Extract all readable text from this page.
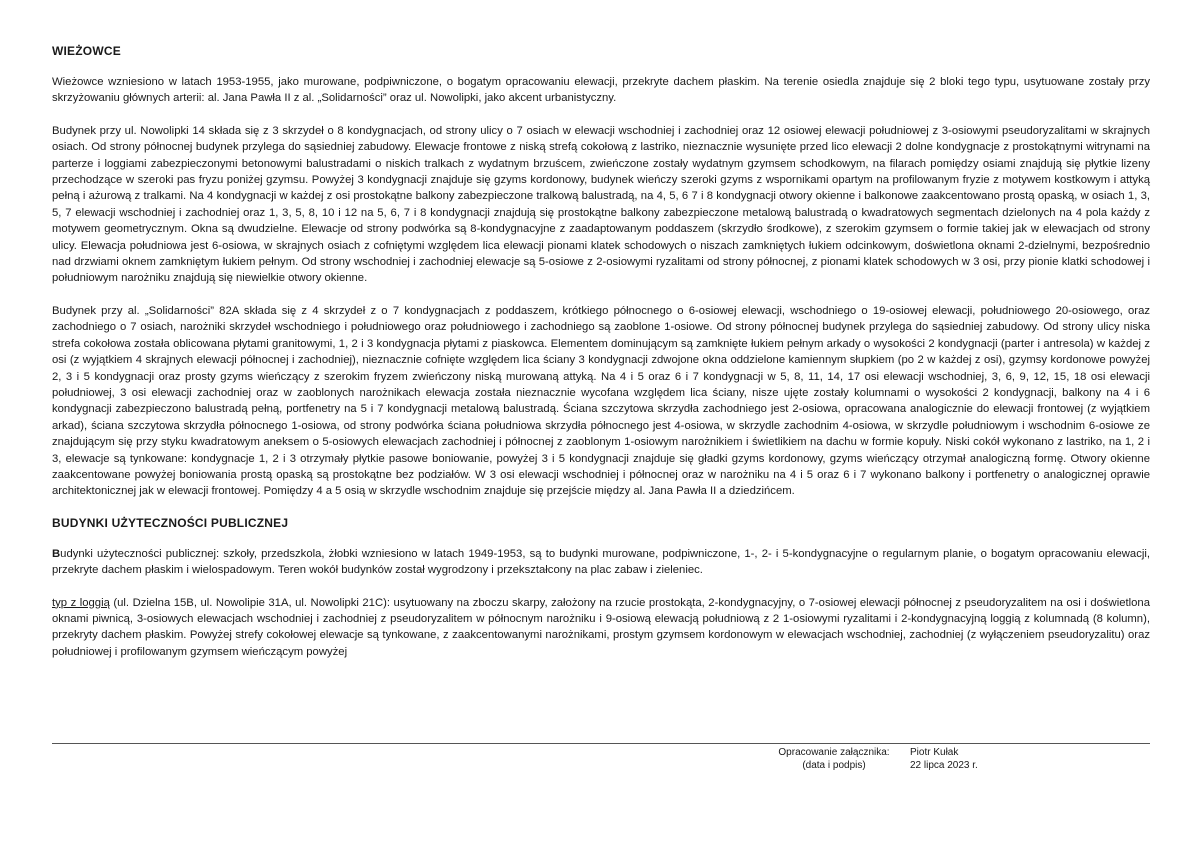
WIEŻOWCE

Wieżowce wzniesiono w latach 1953-1955, jako murowane, podpiwniczone, o bogatym opracowaniu elewacji, przekryte dachem płaskim. Na terenie osiedla znajduje się 2 bloki tego typu, usytuowane zostały przy skrzyżowaniu głównych arterii: al. Jana Pawła II z al. „Solidarności” oraz ul. Nowolipki, jako akcent urbanistyczny.

Budynek przy ul. Nowolipki 14 składa się z 3 skrzydeł o 8 kondygnacjach, od strony ulicy o 7 osiach w elewacji wschodniej i zachodniej oraz 12 osiowej elewacji południowej z 3-osiowymi pseudoryzalitami w skrajnych osiach. Od strony północnej budynek przylega do sąsiedniej zabudowy. Elewacje frontowe z niską strefą cokołową z lastriko, nieznacznie wysunięte przed lico elewacji 2 dolne kondygnacje z prostokątnymi witrynami na parterze i loggiami zabezpieczonymi betonowymi balustradami o niskich tralkach z wydatnym brzuścem, zwieńczone zostały wydatnym gzymsem schodkowym, na filarach pomiędzy osiami znajdują się płytkie lizeny przechodzące w szeroki pas fryzu poniżej gzymsu. Powyżej 3 kondygnacji znajduje się gzyms kordonowy, budynek wieńczy szeroki gzyms z wspornikami opartym na profilowanym fryzie z motywem kostkowym i attyką pełną i ażurową z tralkami. Na 4 kondygnacji w każdej z osi prostokątne balkony zabezpieczone tralkową balustradą, na 4, 5, 6 7 i 8 kondygnacji otwory okienne i balkonowe zaakcentowano prostą opaską, w osiach 1, 3, 5, 7 elewacji wschodniej i zachodniej oraz 1, 3, 5, 8, 10 i 12 na 5, 6, 7 i 8 kondygnacji znajdują się prostokątne balkony zabezpieczone metalową balustradą o kwadratowych segmentach dzielonych na 4 pola każdy z motywem geometrycznym. Okna są dwudzielne. Elewacje od strony podwórka są 8-kondygnacyjne z zaadaptowanym poddaszem (skrzydło środkowe), z szerokim gzymsem o formie takiej jak w elewacjach od strony ulicy. Elewacja południowa jest 6-osiowa, w skrajnych osiach z cofniętymi względem lica elewacji pionami klatek schodowych o niszach zamkniętych łukiem odcinkowym, doświetlona oknami 2-dzielnymi, bezpośrednio nad drzwiami oknem zamkniętym łukiem pełnym. Od strony wschodniej i zachodniej elewacje są 5-osiowe z 2-osiowymi ryzalitami od strony północnej, z pionami klatek schodowych w 3 osi, przy pionie klatki schodowej i południowym narożniku znajdują się niewielkie otwory okienne.

Budynek przy al. „Solidarności” 82A składa się z 4 skrzydeł z o 7 kondygnacjach z poddaszem, krótkiego północnego o 6-osiowej elewacji, wschodniego o 19-osiowej elewacji, południowego 20-osiowego, oraz zachodniego o 7 osiach, narożniki skrzydeł wschodniego i południowego oraz południowego i zachodniego są zaoblone 1-osiowe. Od strony północnej budynek przylega do sąsiedniej zabudowy. Od strony ulicy niska strefa cokołowa została oblicowana płytami granitowymi, 1, 2 i 3 kondygnacja płytami z piaskowca. Elementem dominującym są zamknięte łukiem pełnym arkady o wysokości 2 kondygnacji (parter i antresola) w każdej z osi (z wyjątkiem 4 skrajnych elewacji północnej i zachodniej), nieznacznie cofnięte względem lica ściany 3 kondygnacji zdwojone okna oddzielone kamiennym słupkiem (po 2 w każdej z osi), gzymsy kordonowe powyżej 2, 3 i 5 kondygnacji oraz prosty gzyms wieńczący z szerokim fryzem zwieńczony niską murowaną attyką. Na 4 i 5 oraz 6 i 7 kondygnacji w 5, 8, 11, 14, 17 osi elewacji wschodniej, 3, 6, 9, 12, 15, 18 osi elewacji południowej, 3 osi elewacji zachodniej oraz w zaoblonych narożnikach elewacja została nieznacznie wycofana względem lica ściany, nisze ujęte zostały kolumnami o wysokości 2 kondygnacji, balkony na 4 i 6 kondygnacji zabezpieczono balustradą pełną, portfenetry na 5 i 7 kondygnacji metalową balustradą. Ściana szczytowa skrzydła zachodniego jest 2-osiowa, opracowana analogicznie do elewacji frontowej (z wyjątkiem arkad), ściana szczytowa skrzydła północnego 1-osiowa, od strony podwórka ściana południowa skrzydła północnego jest 4-osiowa, w skrzydle zachodnim 4-osiowa, w skrzydle południowym i wschodnim 6-osiowe ze znajdującym się przy styku kwadratowym aneksem o 5-osiowych elewacjach zachodniej i północnej z zaoblonym 1-osiowym narożnikiem i świetlikiem na dachu w formie kopuły. Niski cokół wykonano z lastriko, na 1, 2 i 3, elewacje są tynkowane: kondygnacje 1, 2 i 3 otrzymały płytkie pasowe boniowanie, powyżej 3 i 5 kondygnacji znajduje się gładki gzyms kordonowy, gzyms wieńczący otrzymał analogiczną formę. Otwory okienne zaakcentowane powyżej boniowania prostą opaską są prostokątne bez podziałów. W 3 osi elewacji wschodniej i północnej oraz w narożniku na 4 i 5 oraz 6 i 7 wykonano balkony i portfenetry o analogicznej oprawie architektonicznej jak w elewacji frontowej. Pomiędzy 4 a 5 osią w skrzydle wschodnim znajduje się przejście między al. Jana Pawła II a dziedzińcem.

BUDYNKI UŻYTECZNOŚCI PUBLICZNEJ

Budynki użyteczności publicznej: szkoły, przedszkola, żłobki wzniesiono w latach 1949-1953, są to budynki murowane, podpiwniczone, 1-, 2- i 5-kondygnacyjne o regularnym planie, o bogatym opracowaniu elewacji, przekryte dachem płaskim i wielospadowym. Teren wokół budynków został wygrodzony i przekształcony na plac zabaw i zieleniec.

typ z loggią (ul. Dzielna 15B, ul. Nowolipie 31A, ul. Nowolipki 21C): usytuowany na zboczu skarpy, założony na rzucie prostokąta, 2-kondygnacyjny, o 7-osiowej elewacji północnej z pseudoryzalitem na osi i doświetlona oknami piwnicą, 3-osiowych elewacjach wschodniej i zachodniej z pseudoryzalitem w północnym narożniku i 9-osiową elewacją południową z 2 1-osiowymi ryzalitami i 2-kondygnacyjną loggią z kolumnadą (8 kolumn), przekryty dachem płaskim. Powyżej strefy cokołowej elewacje są tynkowane, z zaakcentowanymi narożnikami, prostym gzymsem kordonowym w elewacjach wschodniej, zachodniej (z wyłączeniem pseudoryzalitu) oraz południowej i profilowanym gzymsem wieńczącym powyżej

Opracowanie załącznika:
(data i podpis)
Piotr Kułak
22 lipca 2023 r.
